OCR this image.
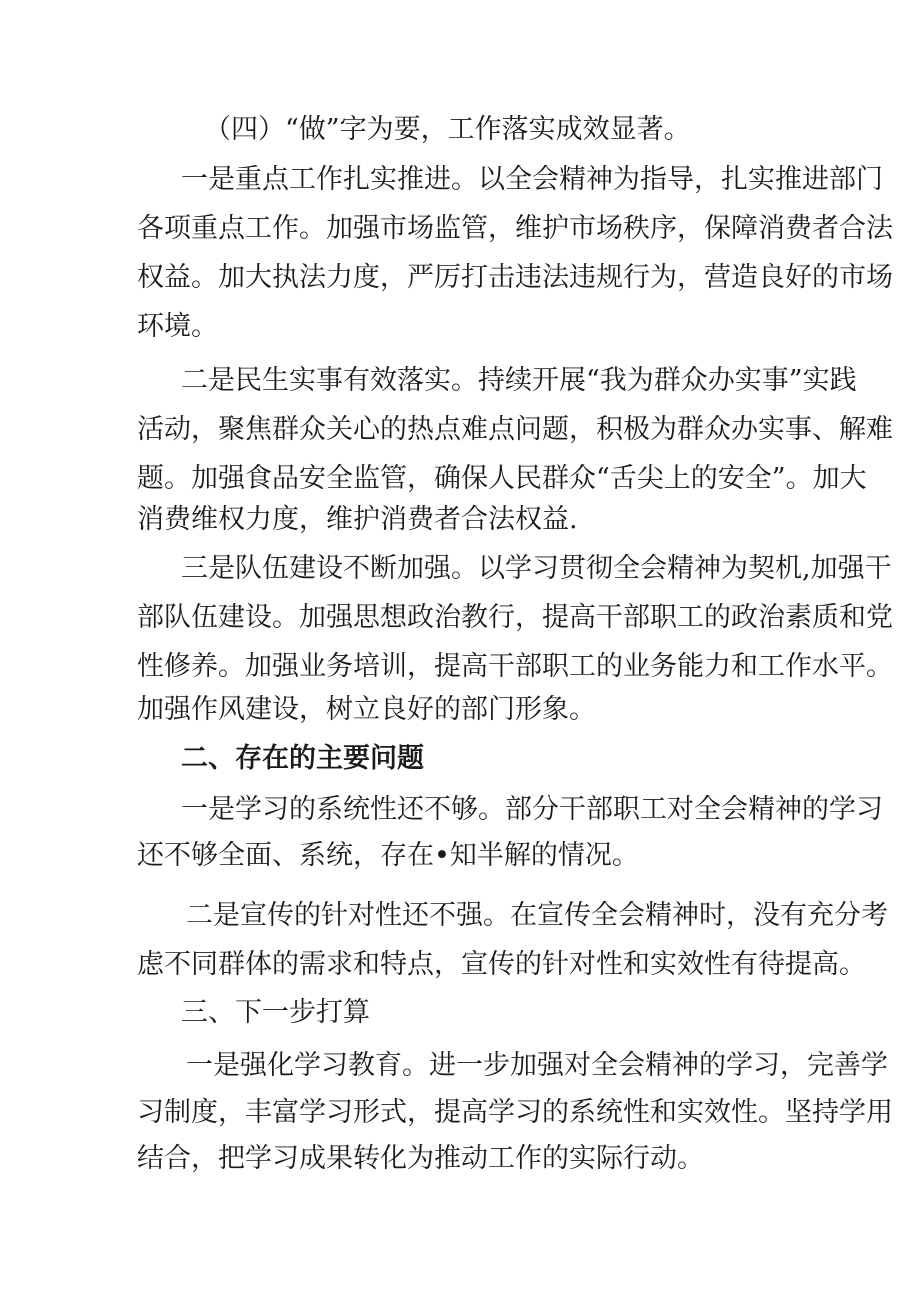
（四）“做”字为要，工作落实成效显著。
一是重点工作扎实推进。以全会精神为指导，扎实推进部门
各项重点工作。加强市场监管，维护市场秩序，保障消费者合法
权益。加大执法力度，严厉打击违法违规行为，营造良好的市场
环境。
二是民生实事有效落实。持续开展“我为群众办实事”实践
活动，聚焦群众关心的热点难点问题，积极为群众办实事、解难
题。加强食品安全监管，确保人民群众“舌尖上的安全”。加大
消费维权力度，维护消费者合法权益.
三是队伍建设不断加强。以学习贯彻全会精神为契机,加强干
部队伍建设。加强思想政治教行，提高干部职工的政治素质和党
性修养。加强业务培训，提高干部职工的业务能力和工作水平。
加强作风建设，树立良好的部门形象。
二、存在的主要问题
一是学习的系统性还不够。部分干部职工对全会精神的学习
还不够全面、系统，存在•知半解的情况。
二是宣传的针对性还不强。在宣传全会精神时，没有充分考
虑不同群体的需求和特点，宣传的针对性和实效性有待提高。
三、下一步打算
一是强化学习教育。进一步加强对全会精神的学习，完善学
习制度，丰富学习形式，提高学习的系统性和实效性。坚持学用
结合，把学习成果转化为推动工作的实际行动。
